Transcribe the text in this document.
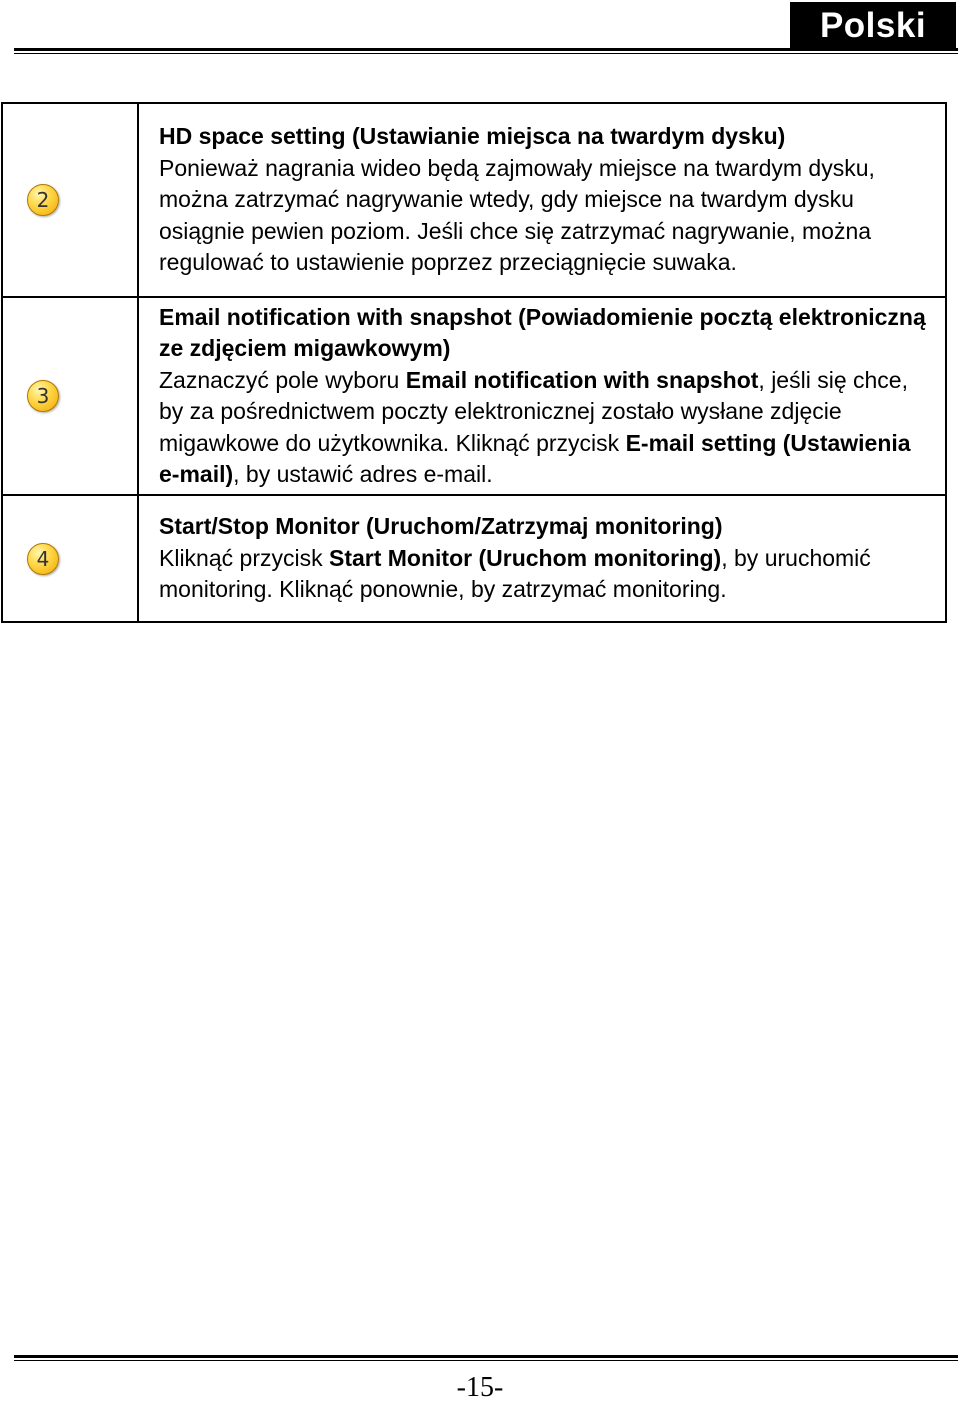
Polski
2	HD space setting (Ustawianie miejsca na twardym dysku)
Ponieważ nagrania wideo będą zajmowały miejsce na twardym dysku, można zatrzymać nagrywanie wtedy, gdy miejsce na twardym dysku osiągnie pewien poziom. Jeśli chce się zatrzymać nagrywanie, można regulować to ustawienie poprzez przeciągnięcie suwaka.

3	Email notification with snapshot (Powiadomienie pocztą elektroniczną ze zdjęciem migawkowym)
Zaznaczyć pole wyboru Email notification with snapshot, jeśli się chce, by za pośrednictwem poczty elektronicznej zostało wysłane zdjęcie migawkowe do użytkownika. Kliknąć przycisk E-mail setting (Ustawienia e-mail), by ustawić adres e-mail.

4	Start/Stop Monitor (Uruchom/Zatrzymaj monitoring)
Kliknąć przycisk Start Monitor (Uruchom monitoring), by uruchomić monitoring. Kliknąć ponownie, by zatrzymać monitoring.
-15-
